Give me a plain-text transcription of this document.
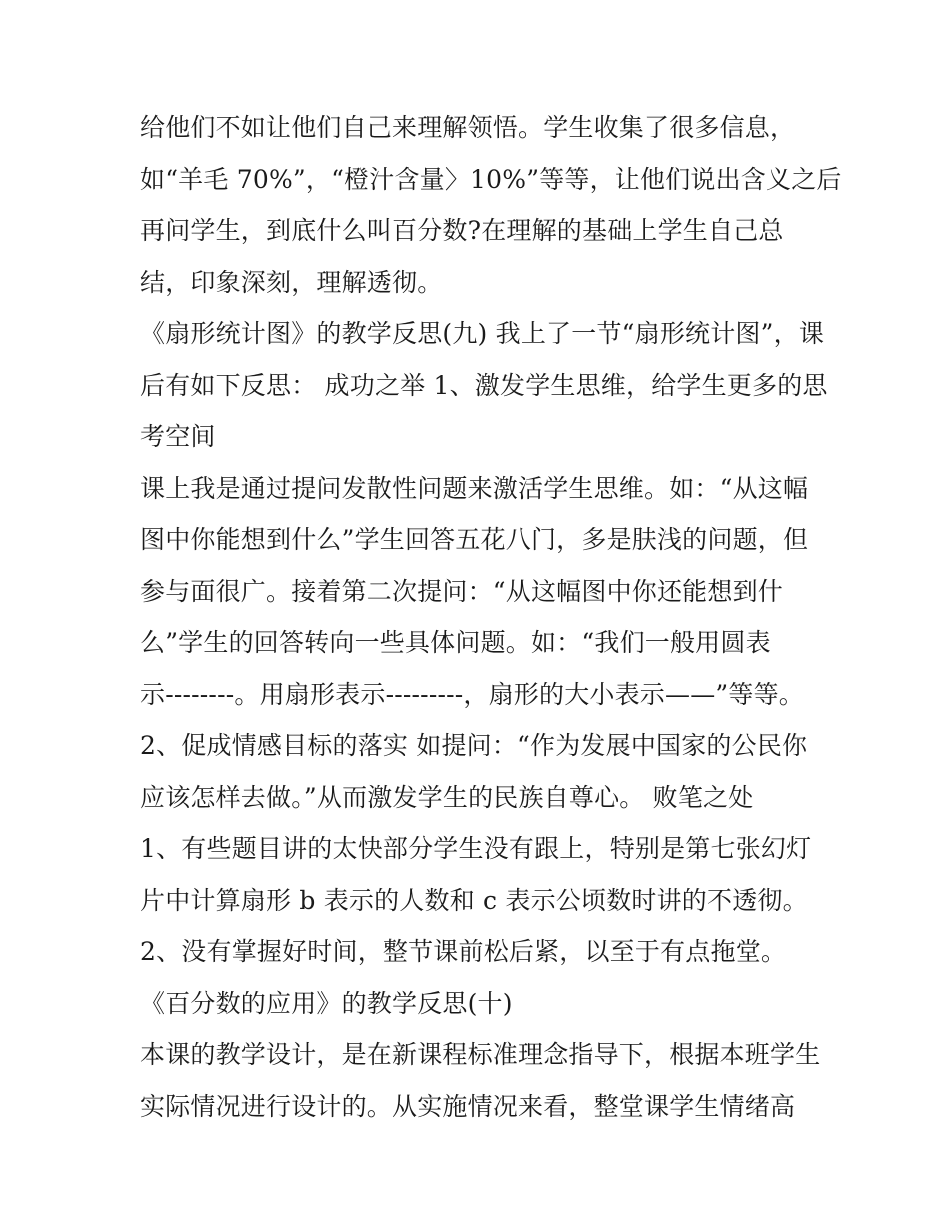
给他们不如让他们自己来理解领悟。学生收集了很多信息，
如“羊毛 70%”，“橙汁含量〉10%”等等，让他们说出含义之后
再问学生，到底什么叫百分数?在理解的基础上学生自己总
结，印象深刻，理解透彻。
《扇形统计图》的教学反思(九) 我上了一节“扇形统计图”，课
后有如下反思： 成功之举 1、激发学生思维，给学生更多的思
考空间
课上我是通过提问发散性问题来激活学生思维。如：“从这幅
图中你能想到什么”学生回答五花八门，多是肤浅的问题，但
参与面很广。接着第二次提问：“从这幅图中你还能想到什
么”学生的回答转向一些具体问题。如：“我们一般用圆表
示--------。用扇形表示---------，扇形的大小表示——”等等。
2、促成情感目标的落实 如提问：“作为发展中国家的公民你
应该怎样去做。”从而激发学生的民族自尊心。 败笔之处
1、有些题目讲的太快部分学生没有跟上，特别是第七张幻灯
片中计算扇形 b 表示的人数和 c 表示公顷数时讲的不透彻。
2、没有掌握好时间，整节课前松后紧，以至于有点拖堂。
《百分数的应用》的教学反思(十)
本课的教学设计，是在新课程标准理念指导下，根据本班学生
实际情况进行设计的。从实施情况来看，整堂课学生情绪高
